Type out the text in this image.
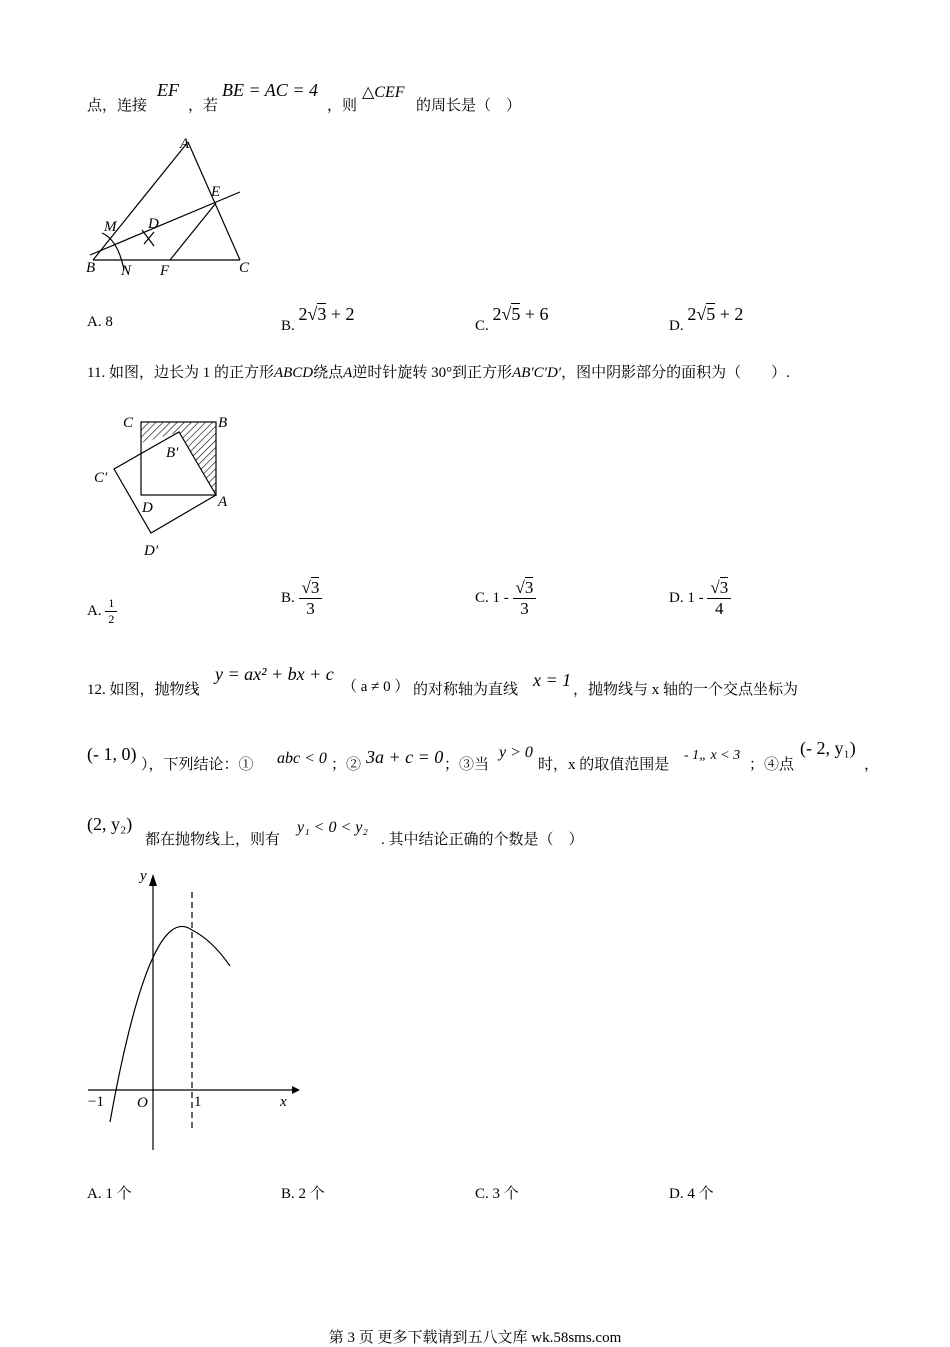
点，连接
EF
，若
BE = AC = 4
，则
△CEF
的周长是（　）
A
B	C
D
E
F
M
N
A. 8	B. 2√3 + 2
C. 2√5 + 6
D. 2√5 + 2
11. 如图，边长为 1 的正方形ABCD绕点A逆时针旋转 30°到正方形AB′C′D′，图中阴影部分的面积为（　　）.
C	B
B′
C′
D	A
D′
A. $\frac{1}{2}$	B. $\frac{√3}{3}$	C. $1 - \frac{√3}{3}$	D. $1 - \frac{√3}{4}$
12. 如图，抛物线
y = ax² + bx + c
（ a ≠ 0 ） 的对称轴为直线 x = 1 ，抛物线与 x 轴的一个交点坐标为
(- 1, 0)
），下列结论：① abc < 0 ；② 3a + c = 0 ；③当
y > 0
时，x 的取值范围是
- 1„ x < 3
；④点
(- 2, y₁)
，
(2, y₂)
都在抛物线上，则有
y₁ < 0 < y₂
. 其中结论正确的个数是（　）
y
x
O
−1	1
A. 1 个	B. 2 个	C. 3 个	D. 4 个
第 3 页 更多下载请到五八文库 wk.58sms.com
